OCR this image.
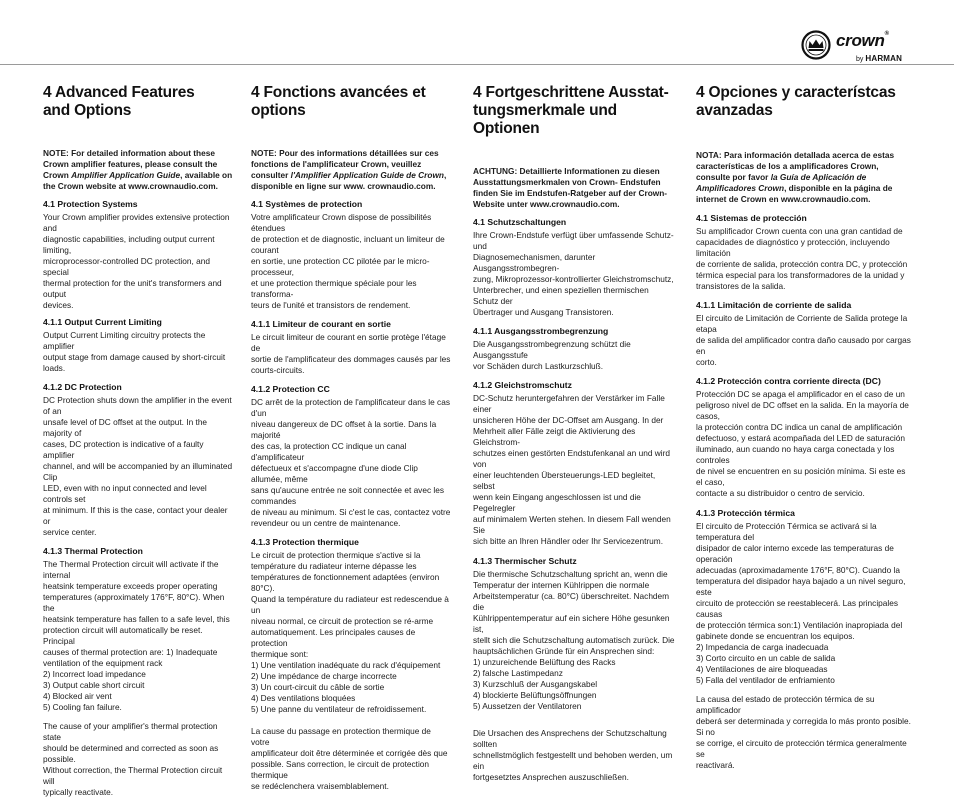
crown®
by HARMAN
4 Advanced Features
and Options

NOTE: For detailed information about these
Crown amplifier features, please consult the
Crown Amplifier Application Guide, available on
the Crown website at www.crownaudio.com.

4.1 Protection Systems

Your Crown amplifier provides extensive protection and
diagnostic capabilities, including output current limiting,
microprocessor-controlled DC protection, and special
thermal protection for the unit's transformers and output
devices.

4.1.1 Output Current Limiting

Output Current Limiting circuitry protects the amplifier
output stage from damage caused by short-circuit loads.

4.1.2 DC Protection

DC Protection shuts down the amplifier in the event of an
unsafe level of DC offset at the output. In the majority of
cases, DC protection is indicative of a faulty amplifier
channel, and will be accompanied by an illuminated Clip
LED, even with no input connected and level controls set
at minimum. If this is the case, contact your dealer or
service center.

4.1.3 Thermal Protection

The Thermal Protection circuit will activate if the internal
heatsink temperature exceeds proper operating
temperatures (approximately 176°F, 80°C). When the
heatsink temperature has fallen to a safe level, this
protection circuit will automatically be reset. Principal
causes of thermal protection are: 1) Inadequate
ventilation of the equipment rack
2) Incorrect load impedance
3) Output cable short circuit
4) Blocked air vent
5) Cooling fan failure.

The cause of your amplifier's thermal protection state
should be determined and corrected as soon as possible.
Without correction, the Thermal Protection circuit will
typically reactivate.

4 Fonctions avancées et
options

NOTE: Pour des informations détaillées sur ces
fonctions de l'amplificateur Crown, veuillez
consulter l'Amplifier Application Guide de Crown,
disponible en ligne sur www. crownaudio.com.

4.1 Systèmes de protection

Votre amplificateur Crown dispose de possibilités étendues
de protection et de diagnostic, incluant un limiteur de courant
en sortie, une protection CC pilotée par le micro-processeur,
et une protection thermique spéciale pour les transforma-
teurs de l'unité et transistors de rendement.

4.1.1 Limiteur de courant en sortie

Le circuit limiteur de courant en sortie protège l'étage de
sortie de l'amplificateur des dommages causés par les
courts-circuits.

4.1.2 Protection CC

DC arrêt de la protection de l'amplificateur dans le cas d'un
niveau dangereux de DC offset à la sortie. Dans la majorité
des cas, la protection CC indique un canal d'amplificateur
défectueux et s'accompagne d'une diode Clip allumée, même
sans qu'aucune entrée ne soit connectée et avec les commandes
de niveau au minimum. Si c'est le cas, contactez votre
revendeur ou un centre de maintenance.

4.1.3 Protection thermique

Le circuit de protection thermique s'active si la
température du radiateur interne dépasse les
températures de fonctionnement adaptées (environ 80°C).
Quand la température du radiateur est redescendue à un
niveau normal, ce circuit de protection se ré-arme
automatiquement. Les principales causes de protection
thermique sont:
1) Une ventilation inadéquate du rack d'équipement
2) Une impédance de charge incorrecte
3) Un court-circuit du câble de sortie
4) Des ventilations bloquées
5) Une panne du ventilateur de refroidissement.

La cause du passage en protection thermique de votre
amplificateur doit être déterminée et corrigée dès que
possible. Sans correction, le circuit de protection thermique
se redéclenchera vraisemblablement.

4 Fortgeschrittene Ausstat-
tungsmerkmale und Optionen

ACHTUNG: Detaillierte Informationen zu diesen
Ausstattungsmerkmalen von Crown- Endstufen
finden Sie im Endstufen-Ratgeber auf der Crown-
Website unter www.crownaudio.com.

4.1 Schutzschaltungen

Ihre Crown-Endstufe verfügt über umfassende Schutz- und
Diagnosemechanismen, darunter Ausgangsstrombegren-
zung, Mikroprozessor-kontrollierter Gleichstromschutz,
Unterbrecher, und einen speziellen thermischen Schutz der
Übertrager und Ausgang Transistoren.

4.1.1 Ausgangsstrombegrenzung

Die Ausgangsstrombegrenzung schützt die Ausgangsstufe
vor Schäden durch Lastkurzschluß.

4.1.2 Gleichstromschutz

DC-Schutz heruntergefahren der Verstärker im Falle einer
unsicheren Höhe der DC-Offset am Ausgang. In der
Mehrheit aller Fälle zeigt die Aktivierung des Gleichstrom-
schutzes einen gestörten Endstufenkanal an und wird von
einer leuchtenden Übersteuerungs-LED begleitet, selbst
wenn kein Eingang angeschlossen ist und die Pegelregler
auf minimalem Werten stehen. In diesem Fall wenden Sie
sich bitte an Ihren Händler oder Ihr Servicezentrum.

4.1.3 Thermischer Schutz

Die thermische Schutzschaltung spricht an, wenn die
Temperatur der internen Kühlrippen die normale
Arbeitstemperatur (ca. 80°C) überschreitet. Nachdem die
Kühlrippentemperatur auf ein sichere Höhe gesunken ist,
stellt sich die Schutzschaltung automatisch zurück. Die
hauptsächlichen Gründe für ein Ansprechen sind:
1) unzureichende Belüftung des Racks
2) falsche Lastimpedanz
3) Kurzschluß der Ausgangskabel
4) blockierte Belüftungsöffnungen
5) Aussetzen der Ventilatoren

Die Ursachen des Ansprechens der Schutzschaltung sollten
schnellstmöglich festgestellt und behoben werden, um ein
fortgesetztes Ansprechen auszuschließen.

4 Opciones y característcas
avanzadas

NOTA: Para información detallada acerca de estas
características de los a amplificadores Crown,
consulte por favor la Guía de Aplicación de
Amplificadores Crown, disponible en la página de
internet de Crown en www.crownaudio.com.

4.1 Sistemas de protección

Su amplificador Crown cuenta con una gran cantidad de
capacidades de diagnóstico y protección, incluyendo limitación
de corriente de salida, protección contra DC, y protección
térmica especial para los transformadores de la unidad y
transistores de la salida.

4.1.1 Limitación de corriente de salida

El circuito de Limitación de Corriente de Salida protege la etapa
de salida del amplificador contra daño causado por cargas en
corto.

4.1.2 Protección contra corriente directa (DC)

Protección DC se apaga el amplificador en el caso de un
peligroso nivel de DC offset en la salida. En la mayoría de casos,
la protección contra DC indica un canal de amplificación
defectuoso, y estará acompañada del LED de saturación
iluminado, aun cuando no haya carga conectada y los controles
de nivel se encuentren en su posición mínima. Si este es el caso,
contacte a su distribuidor o centro de servicio.

4.1.3 Protección térmica

El circuito de Protección Térmica se activará si la temperatura del
disipador de calor interno excede las temperaturas de operación
adecuadas (aproximadamente 176°F, 80°C). Cuando la
temperatura del disipador haya bajado a un nivel seguro, este
circuito de protección se reestablecerá. Las principales causas
de protección térmica son:1) Ventilación inapropiada del
gabinete donde se encuentran los equipos.
2) Impedancia de carga inadecuada
3) Corto circuito en un cable de salida
4) Ventilaciones de aire bloqueadas
5) Falla del ventilador de enfriamiento

La causa del estado de protección térmica de su amplificador
deberá ser determinada y corregida lo más pronto posible. Si no
se corrige, el circuito de protección térmica generalmente se
reactivará.
